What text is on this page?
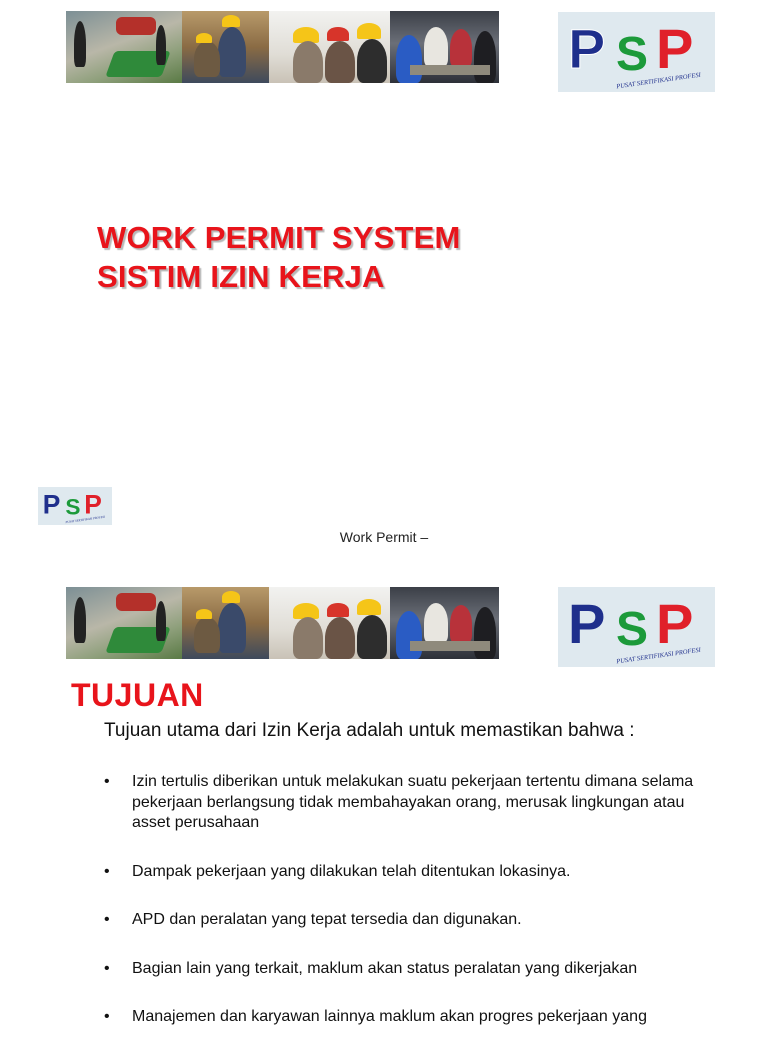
P S P
PUSAT SERTIFIKASI PROFESI
WORK PERMIT SYSTEM
SISTIM IZIN KERJA
P S P
PUSAT SERTIFIKASI PROFESI
Work Permit –
P S P
PUSAT SERTIFIKASI PROFESI
TUJUAN
Tujuan utama dari Izin Kerja adalah untuk memastikan bahwa :
• Izin tertulis diberikan untuk melakukan suatu pekerjaan tertentu dimana selama pekerjaan berlangsung tidak membahayakan orang, merusak lingkungan atau asset perusahaan
• Dampak pekerjaan yang dilakukan telah ditentukan lokasinya.
• APD dan peralatan yang tepat tersedia dan digunakan.
• Bagian lain yang terkait, maklum akan status peralatan yang dikerjakan
• Manajemen dan karyawan lainnya maklum akan progres pekerjaan yang
